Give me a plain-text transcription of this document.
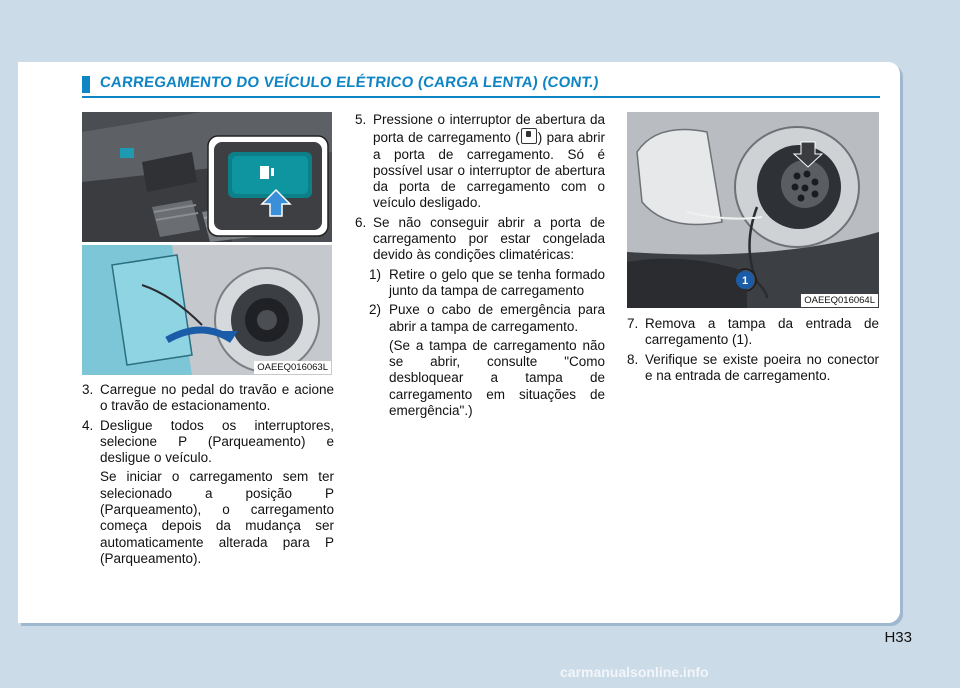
CARREGAMENTO DO VEÍCULO ELÉTRICO (CARGA LENTA) (CONT.)
OAEEQ016063L
1
OAEEQ016064L
3. Carregue no pedal do travão e acione o travão de estacionamento.
4. Desligue todos os interruptores, selecione P (Parqueamento) e desligue o veículo.

Se iniciar o carregamento sem ter selecionado a posição P (Parqueamento), o carregamento começa depois da mudança ser automaticamente alterada para P (Parqueamento).

5. Pressione o interruptor de abertura da porta de carregamento ( ) para abrir a porta de carregamento. Só é possível usar o interruptor de abertura da porta de carregamento com o veículo desligado.
6. Se não conseguir abrir a porta de carregamento por estar congelada devido às condições climatéricas:
1) Retire o gelo que se tenha formado junto da tampa de carregamento
2) Puxe o cabo de emergência para abrir a tampa de carregamento.

(Se a tampa de carregamento não se abrir, consulte "Como desbloquear a tampa de carregamento em situações de emergência".)

7. Remova a tampa da entrada de carregamento (1).
8. Verifique se existe poeira no conector e na entrada de carregamento.
H33
carmanualsonline.info
